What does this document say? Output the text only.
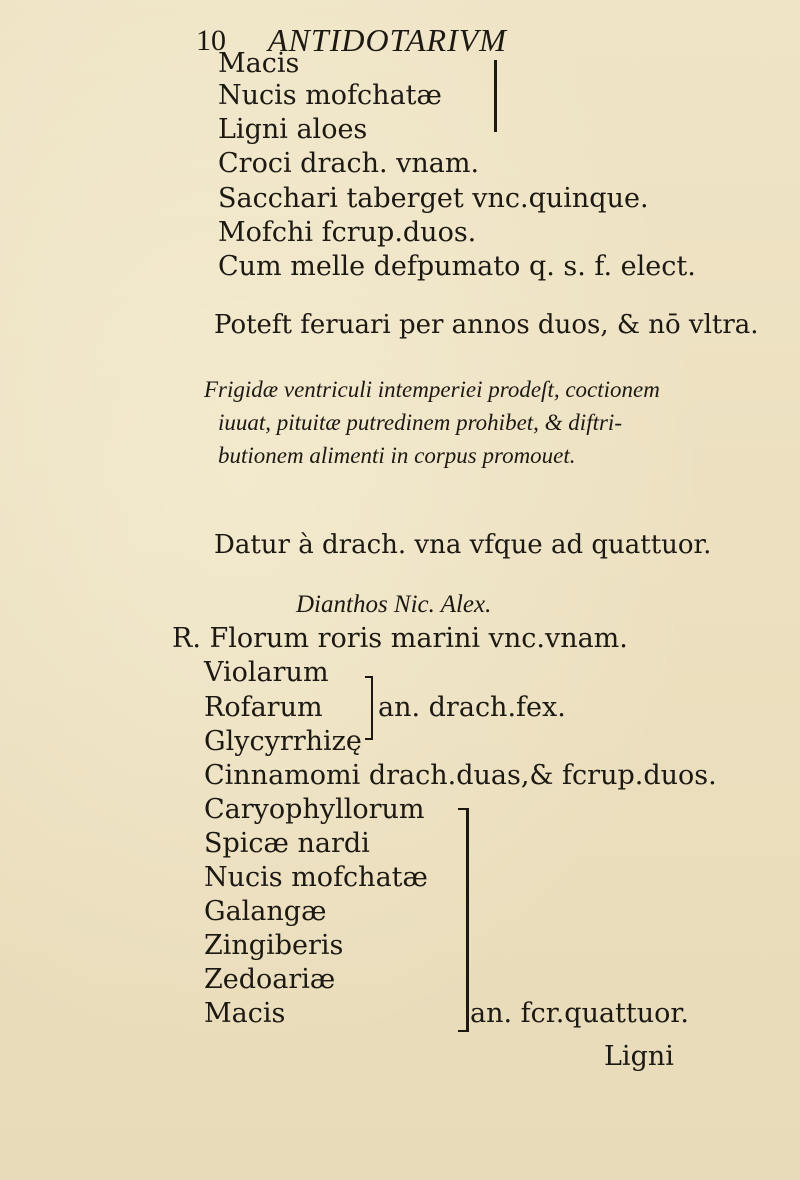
10 ANTIDOTARIVM
Macis
Nucis mofchatæ
Ligni aloes
Croci drach. vnam.
Sacchari taberget vnc.quinque.
Mofchi fcrup.duos.
Cum melle defpumato q. s. f. elect.
Poteft feruari per annos duos, & nō vltra.
Frigidæ ventriculi intemperiei prodeſt, coctionem
iuuat, pituitæ putredinem prohibet, & diftri-
butionem alimenti in corpus promouet.
Datur à drach. vna vfque ad quattuor.
Dianthos Nic. Alex.
R. Florum roris marini vnc.vnam.
Violarum
Rofarum an. drach.fex.
Glycyrrhizę
Cinnamomi drach.duas,& fcrup.duos.
Caryophyllorum
Spicæ nardi
Nucis mofchatæ
Galangæ
Zingiberis
Zedoariæ
Macis	an. fcr.quattuor.
Ligni
